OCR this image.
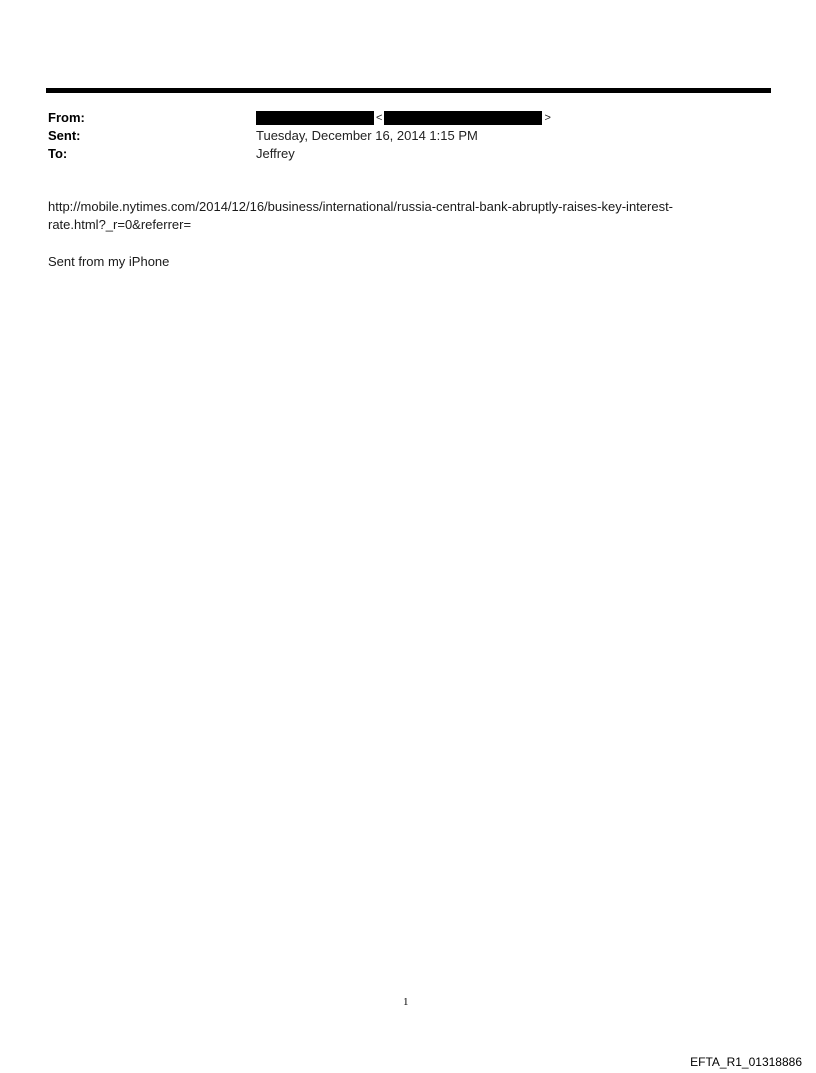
From:	<	>
Sent:	Tuesday, December 16, 2014 1:15 PM
To:	Jeffrey

http://mobile.nytimes.com/2014/12/16/business/international/russia-central-bank-abruptly-raises-key-interest-
rate.html?_r=0&referrer=

Sent from my iPhone

1
EFTA_R1_01318886
